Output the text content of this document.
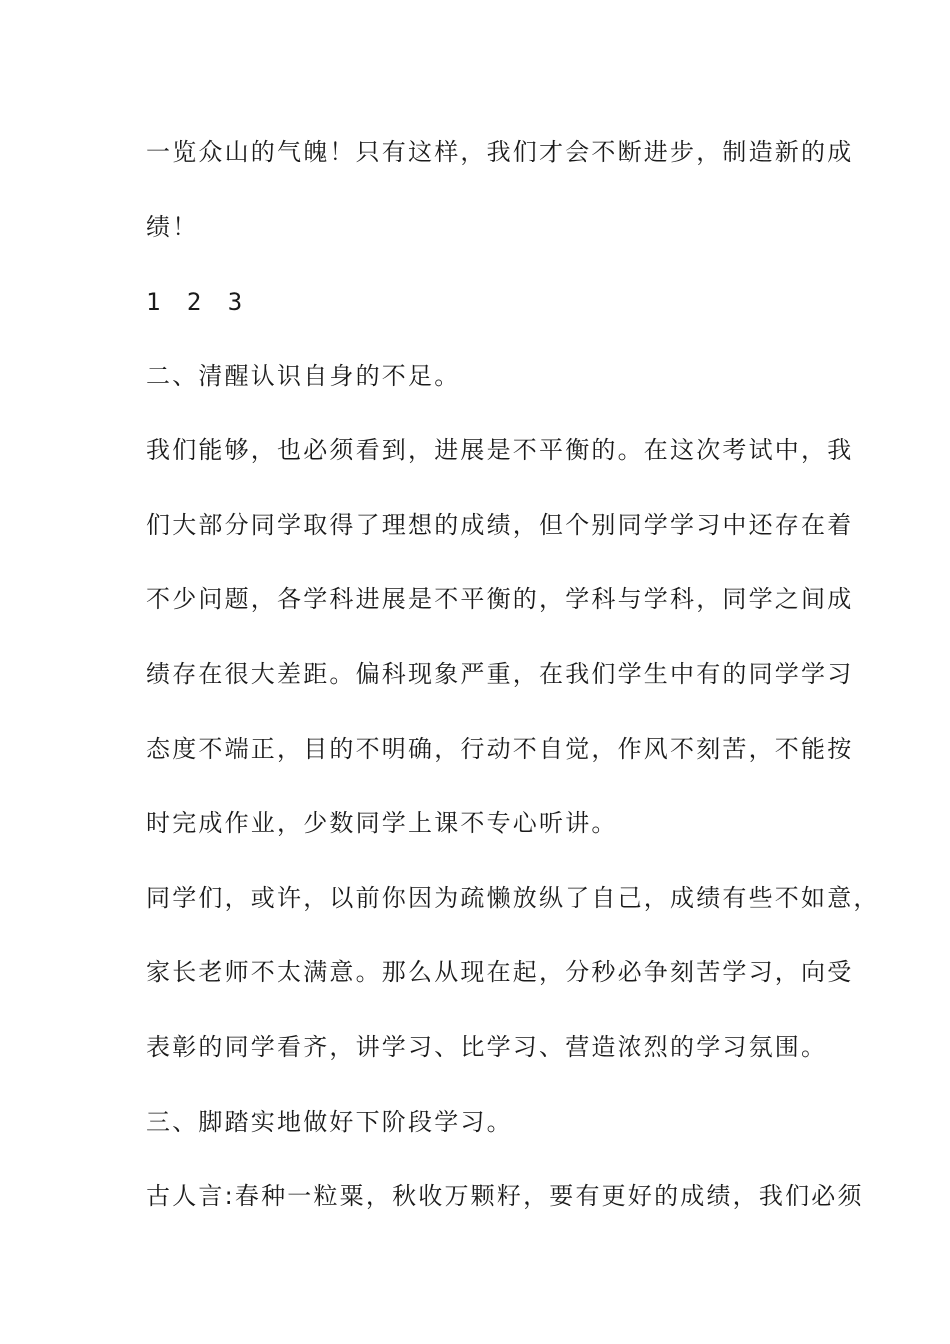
一览众山的气魄！只有这样，我们才会不断进步，制造新的成

绩！

1 2 3

二、清醒认识自身的不足。

我们能够，也必须看到，进展是不平衡的。在这次考试中，我

们大部分同学取得了理想的成绩，但个别同学学习中还存在着

不少问题，各学科进展是不平衡的，学科与学科，同学之间成

绩存在很大差距。偏科现象严重，在我们学生中有的同学学习

态度不端正，目的不明确，行动不自觉，作风不刻苦，不能按

时完成作业，少数同学上课不专心听讲。

同学们，或许，以前你因为疏懒放纵了自己，成绩有些不如意，

家长老师不太满意。那么从现在起，分秒必争刻苦学习，向受

表彰的同学看齐，讲学习、比学习、营造浓烈的学习氛围。

三、脚踏实地做好下阶段学习。

古人言:春种一粒粟，秋收万颗籽，要有更好的成绩，我们必须
